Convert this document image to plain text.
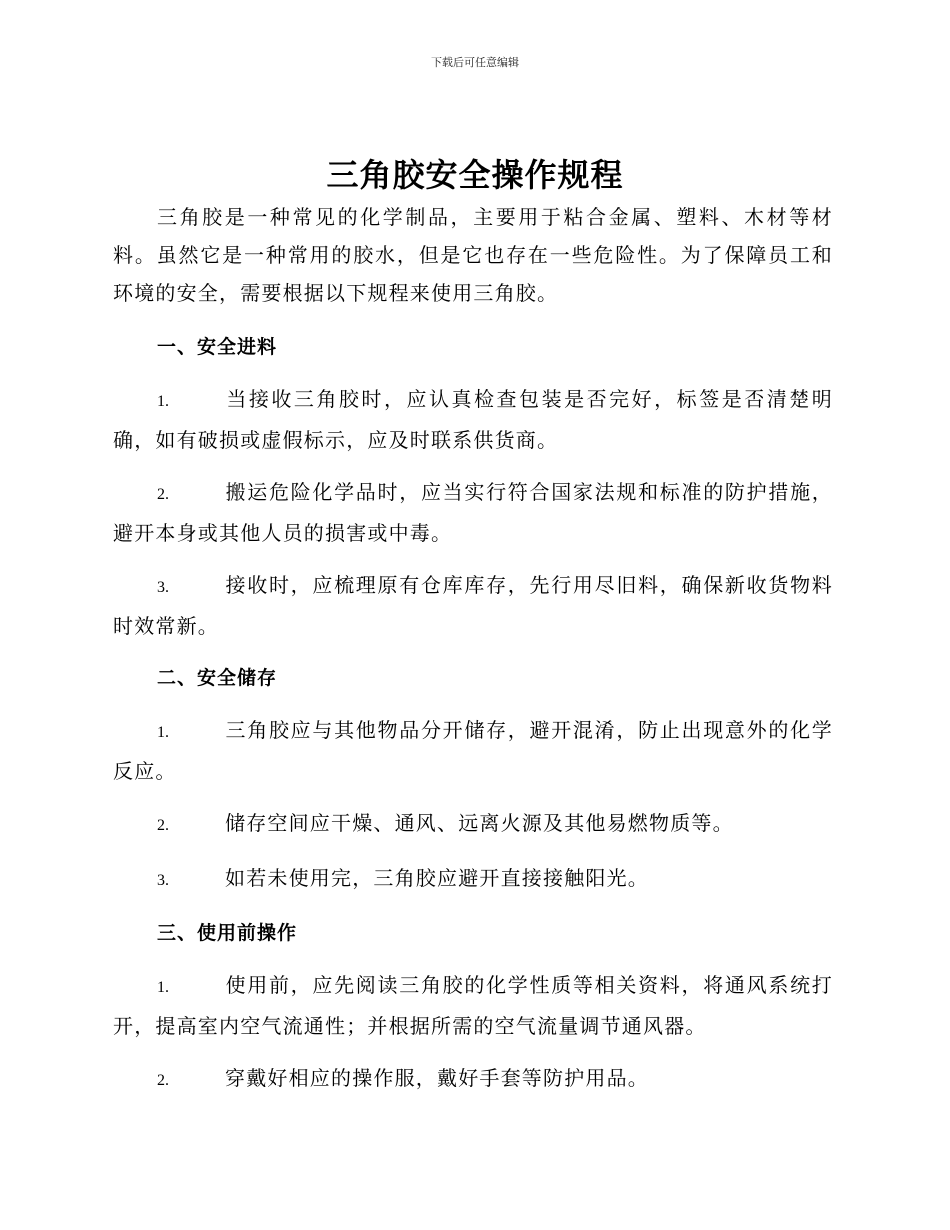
下载后可任意编辑
三角胶安全操作规程

三角胶是一种常见的化学制品，主要用于粘合金属、塑料、木材等材料。虽然它是一种常用的胶水，但是它也存在一些危险性。为了保障员工和环境的安全，需要根据以下规程来使用三角胶。

一、安全进料

1.	当接收三角胶时，应认真检查包装是否完好，标签是否清楚明确，如有破损或虚假标示，应及时联系供货商。

2.	搬运危险化学品时，应当实行符合国家法规和标准的防护措施，避开本身或其他人员的损害或中毒。

3.	接收时，应梳理原有仓库库存，先行用尽旧料，确保新收货物料时效常新。

二、安全储存

1.	三角胶应与其他物品分开储存，避开混淆，防止出现意外的化学反应。

2.	储存空间应干燥、通风、远离火源及其他易燃物质等。

3.	如若未使用完，三角胶应避开直接接触阳光。

三、使用前操作

1.	使用前，应先阅读三角胶的化学性质等相关资料，将通风系统打开，提高室内空气流通性；并根据所需的空气流量调节通风器。

2.	穿戴好相应的操作服，戴好手套等防护用品。
